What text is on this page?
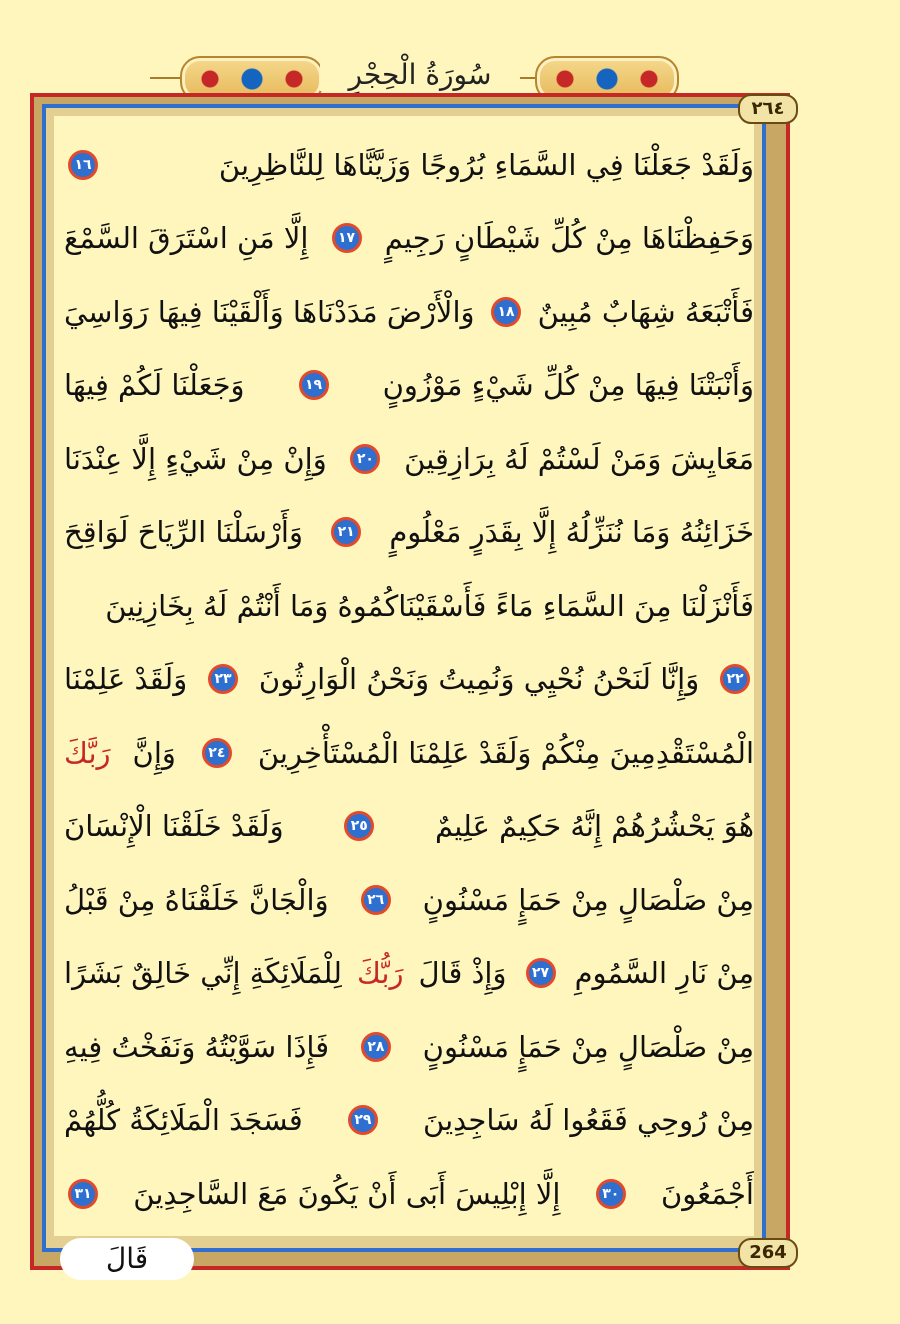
سُورَةُ الْحِجْرِ
٢٦٤
وَلَقَدْ جَعَلْنَا فِي السَّمَاءِ بُرُوجًا وَزَيَّنَّاهَا لِلنَّاظِرِينَ
١٦
وَحَفِظْنَاهَا مِنْ كُلِّ شَيْطَانٍ رَجِيمٍ
١٧
إِلَّا مَنِ اسْتَرَقَ السَّمْعَ
فَأَتْبَعَهُ شِهَابٌ مُبِينٌ
١٨
وَالْأَرْضَ مَدَدْنَاهَا وَأَلْقَيْنَا فِيهَا رَوَاسِيَ
وَأَنْبَتْنَا فِيهَا مِنْ كُلِّ شَيْءٍ مَوْزُونٍ
١٩
وَجَعَلْنَا لَكُمْ فِيهَا
مَعَايِشَ وَمَنْ لَسْتُمْ لَهُ بِرَازِقِينَ
٢٠
وَإِنْ مِنْ شَيْءٍ إِلَّا عِنْدَنَا
خَزَائِنُهُ وَمَا نُنَزِّلُهُ إِلَّا بِقَدَرٍ مَعْلُومٍ
٢١
وَأَرْسَلْنَا الرِّيَاحَ لَوَاقِحَ
فَأَنْزَلْنَا مِنَ السَّمَاءِ مَاءً فَأَسْقَيْنَاكُمُوهُ وَمَا أَنْتُمْ لَهُ بِخَازِنِينَ
٢٢
وَإِنَّا لَنَحْنُ نُحْيِي وَنُمِيتُ وَنَحْنُ الْوَارِثُونَ
٢٣
وَلَقَدْ عَلِمْنَا
الْمُسْتَقْدِمِينَ مِنْكُمْ وَلَقَدْ عَلِمْنَا الْمُسْتَأْخِرِينَ
٢٤
وَإِنَّ
رَبَّكَ
هُوَ يَحْشُرُهُمْ إِنَّهُ حَكِيمٌ عَلِيمٌ
٢٥
وَلَقَدْ خَلَقْنَا الْإِنْسَانَ
مِنْ صَلْصَالٍ مِنْ حَمَإٍ مَسْنُونٍ
٢٦
وَالْجَانَّ خَلَقْنَاهُ مِنْ قَبْلُ
مِنْ نَارِ السَّمُومِ
٢٧
وَإِذْ قَالَ
رَبُّكَ
لِلْمَلَائِكَةِ إِنِّي خَالِقٌ بَشَرًا
مِنْ صَلْصَالٍ مِنْ حَمَإٍ مَسْنُونٍ
٢٨
فَإِذَا سَوَّيْتُهُ وَنَفَخْتُ فِيهِ
مِنْ رُوحِي فَقَعُوا لَهُ سَاجِدِينَ
٢٩
فَسَجَدَ الْمَلَائِكَةُ كُلُّهُمْ
أَجْمَعُونَ
٣٠
إِلَّا إِبْلِيسَ أَبَى أَنْ يَكُونَ مَعَ السَّاجِدِينَ
٣١
264
قَالَ
